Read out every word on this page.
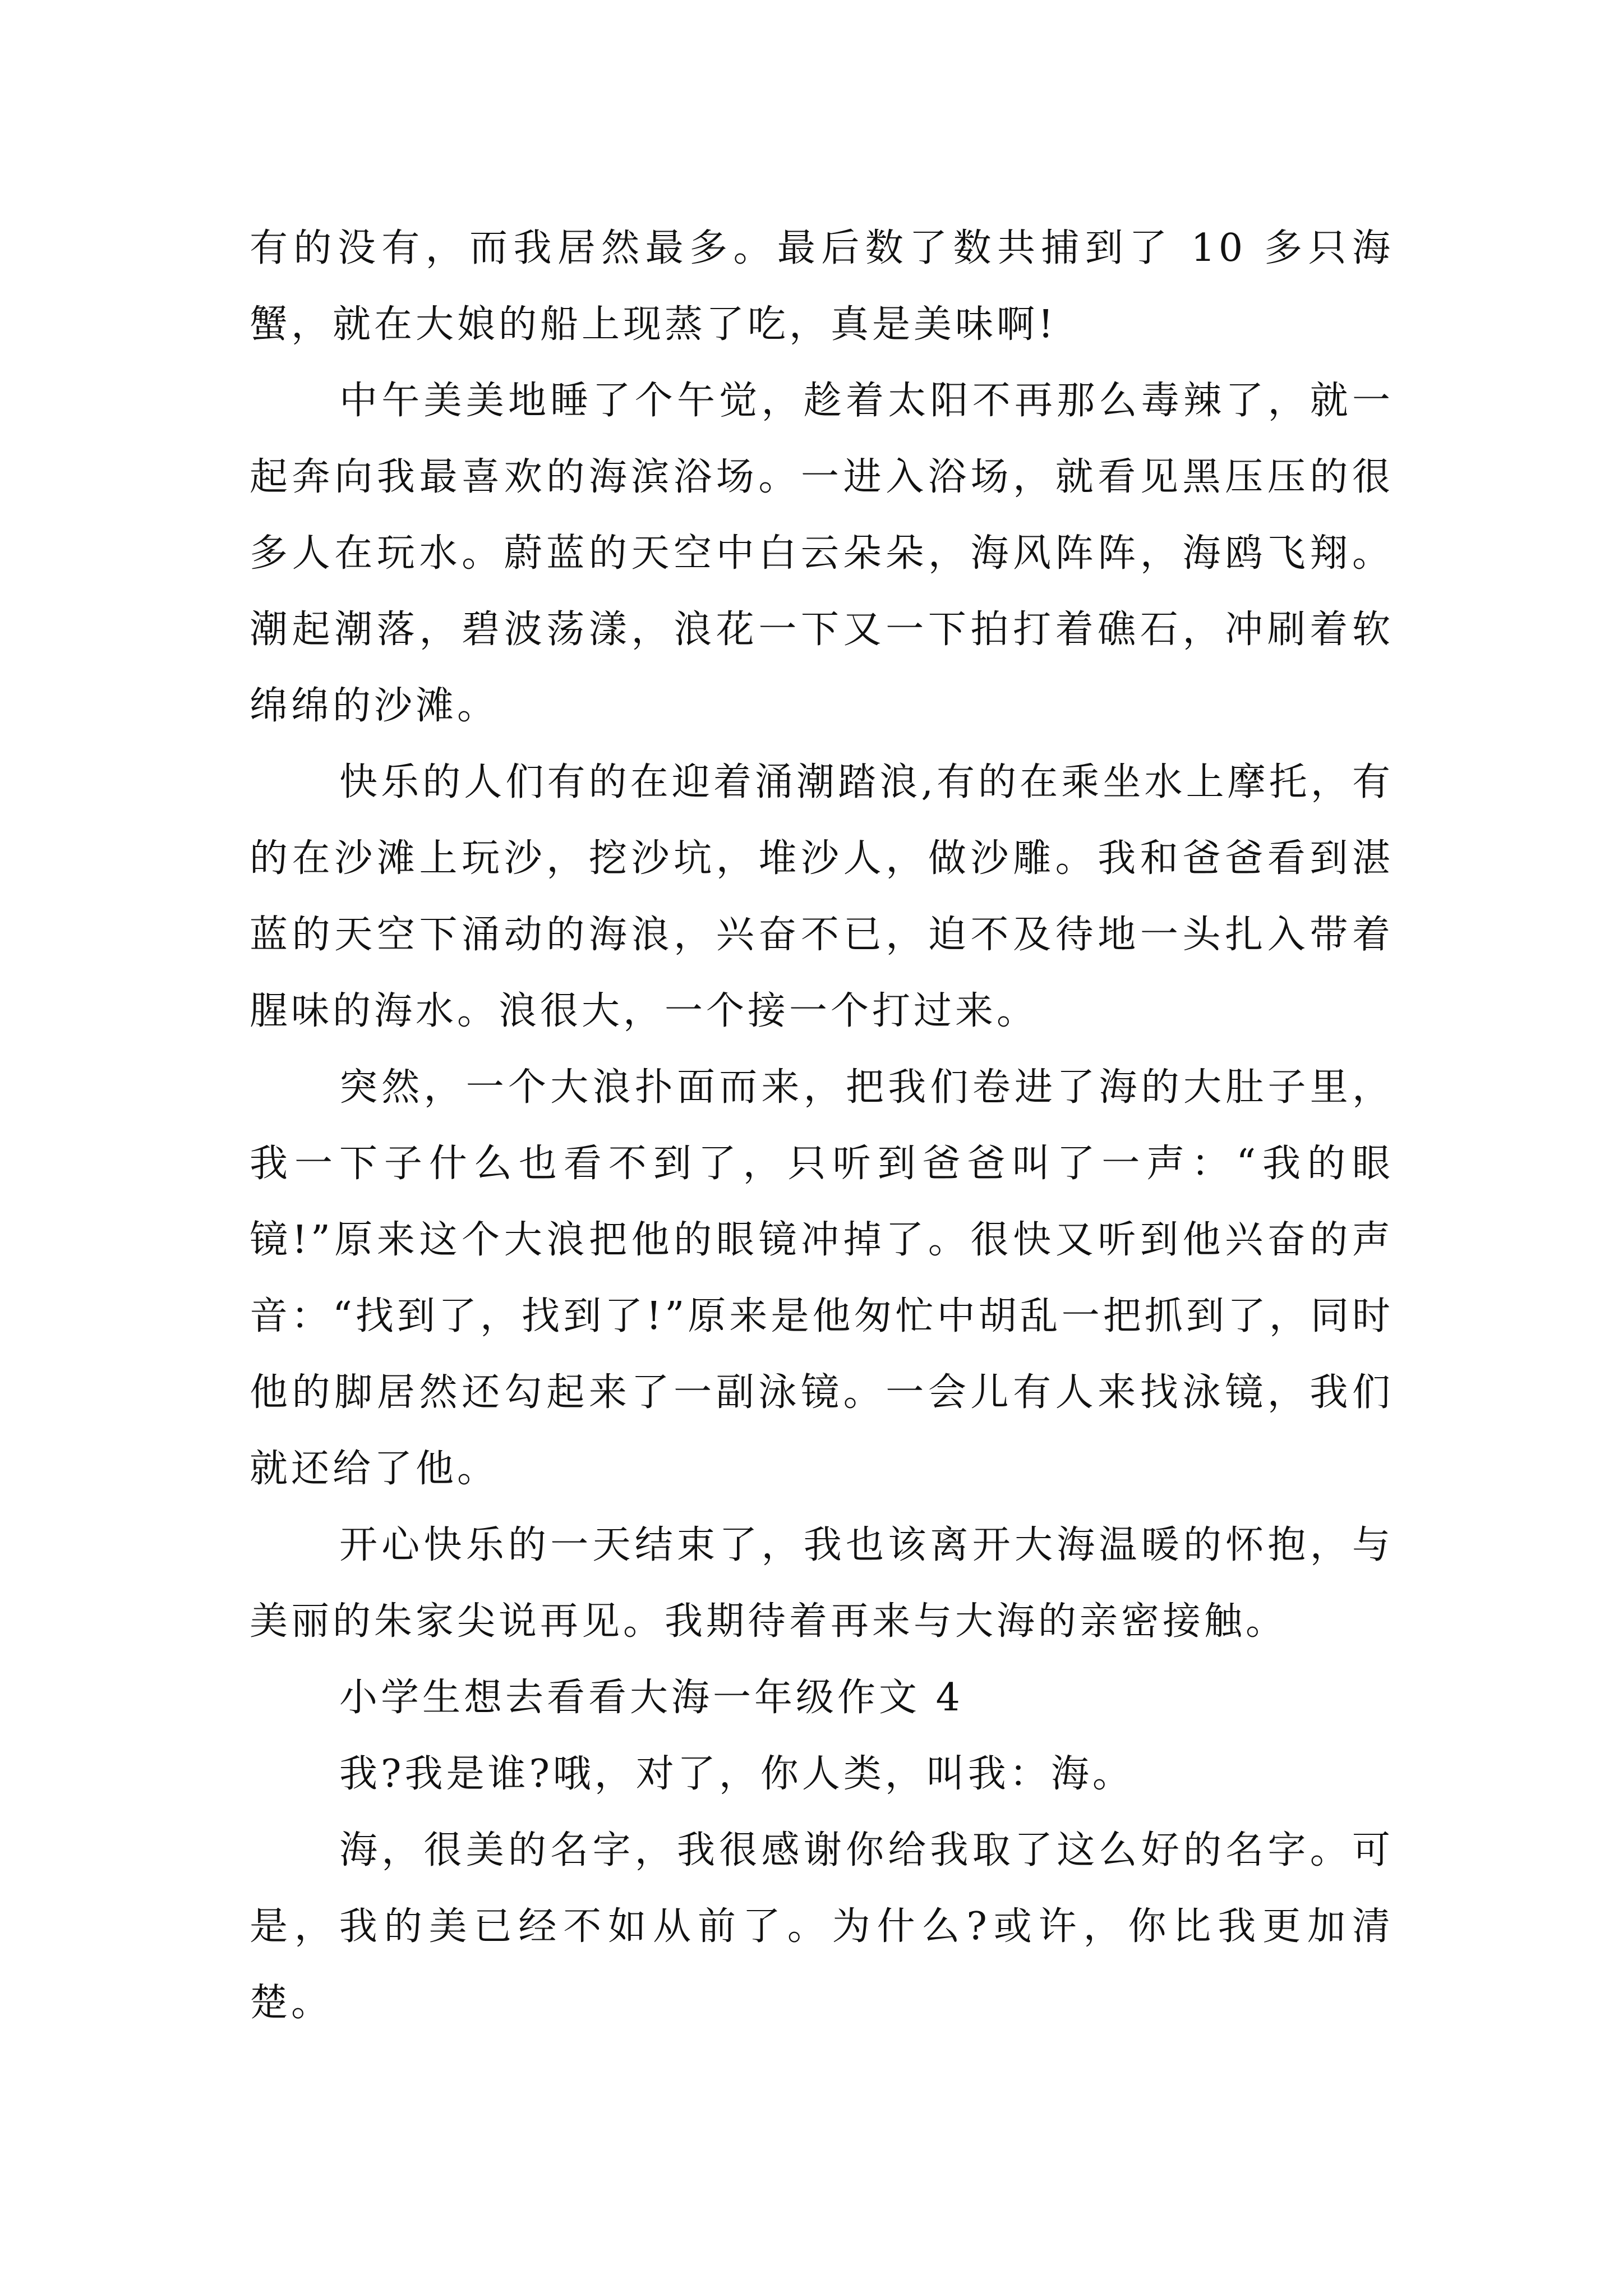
有的没有，而我居然最多。最后数了数共捕到了 10 多只海蟹，就在大娘的船上现蒸了吃，真是美味啊!

中午美美地睡了个午觉，趁着太阳不再那么毒辣了，就一起奔向我最喜欢的海滨浴场。一进入浴场，就看见黑压压的很多人在玩水。蔚蓝的天空中白云朵朵，海风阵阵，海鸥飞翔。潮起潮落，碧波荡漾，浪花一下又一下拍打着礁石，冲刷着软绵绵的沙滩。

快乐的人们有的在迎着涌潮踏浪,有的在乘坐水上摩托，有的在沙滩上玩沙，挖沙坑，堆沙人，做沙雕。我和爸爸看到湛蓝的天空下涌动的海浪，兴奋不已，迫不及待地一头扎入带着腥味的海水。浪很大，一个接一个打过来。

突然，一个大浪扑面而来，把我们卷进了海的大肚子里，我一下子什么也看不到了，只听到爸爸叫了一声：“我的眼镜!”原来这个大浪把他的眼镜冲掉了。很快又听到他兴奋的声音：“找到了，找到了!”原来是他匆忙中胡乱一把抓到了，同时他的脚居然还勾起来了一副泳镜。一会儿有人来找泳镜，我们就还给了他。

开心快乐的一天结束了，我也该离开大海温暖的怀抱，与美丽的朱家尖说再见。我期待着再来与大海的亲密接触。

小学生想去看看大海一年级作文 4

我?我是谁?哦，对了，你人类，叫我：海。

海，很美的名字，我很感谢你给我取了这么好的名字。可是，我的美已经不如从前了。为什么?或许，你比我更加清楚。
